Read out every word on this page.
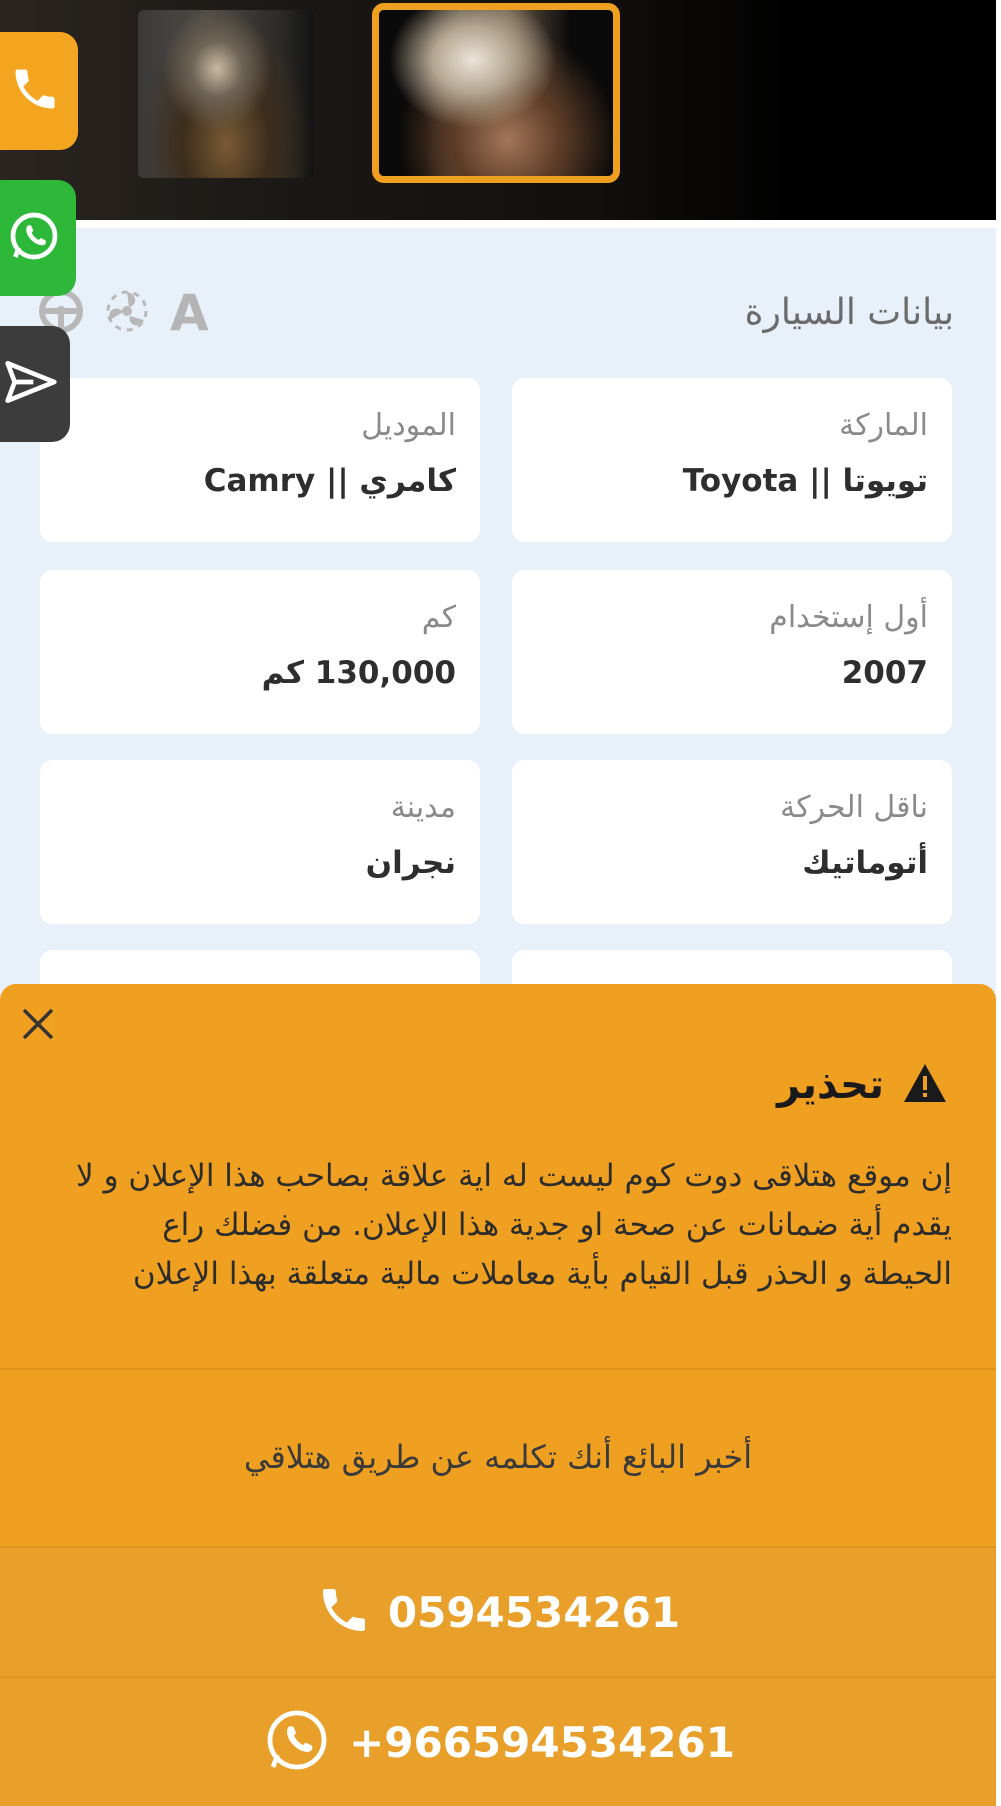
بيانات السيارة
A
الماركة
تويوتا || Toyota
الموديل
كامري || Camry
أول إستخدام
2007
كم
130,000 كم
ناقل الحركة
أتوماتيك
مدينة
نجران
تحذير
إن موقع هتلاقى دوت كوم ليست له اية علاقة بصاحب هذا الإعلان و لا يقدم أية ضمانات عن صحة او جدية هذا الإعلان. من فضلك راع الحيطة و الحذر قبل القيام بأية معاملات مالية متعلقة بهذا الإعلان
أخبر البائع أنك تكلمه عن طريق هتلاقي
0594534261
+966594534261
